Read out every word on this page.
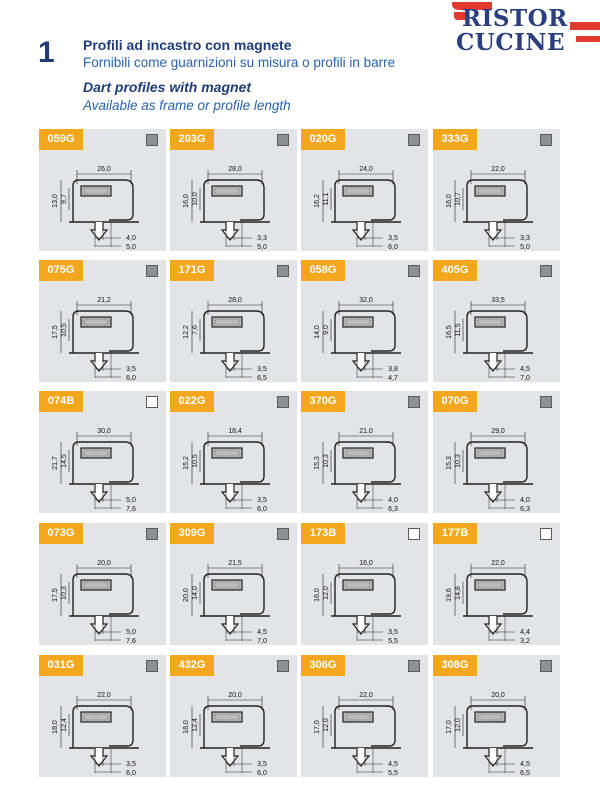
1 Profili ad incastro con magnete
Fornibili come guarnizioni su misura o profili in barre
Dart profiles with magnet
Available as frame or profile length
RISTOR
CUCINE
059G
26,0
13,0 9,7
4,0
5,0
203G
28,0
16,0 10,0
3,3
5,0
020G
24,0
16,2 11,1
3,5
6,0
333G
22,0
16,0 10,7
3,3
5,0
075G
21,2
17,5 10,5
3,5
6,0
171G
28,0
12,2 7,6
3,5
6,5
058G
32,0
14,0 9,0
3,8
4,7
405G
33,5
16,5 11,5
4,5
7,0
074B
30,0
21,7 14,5
5,0
7,6
022G
18,4
15,2 10,5
3,5
6,0
370G
21,0
15,3 10,3
4,0
6,3
070G
29,0
15,3 10,3
4,0
6,3
073G
20,0
17,5 10,3
5,0
7,6
309G
21,5
20,0 14,0
4,5
7,0
173B
16,0
16,0 12,0
3,5
5,5
177B
22,0
19,6 14,8
4,4
3,2
031G
22,0
18,0 12,4
3,5
6,0
432G
20,0
18,0 12,4
3,5
6,0
306G
22,0
17,0 12,0
4,5
5,5
308G
20,0
17,0 12,0
4,5
6,5
